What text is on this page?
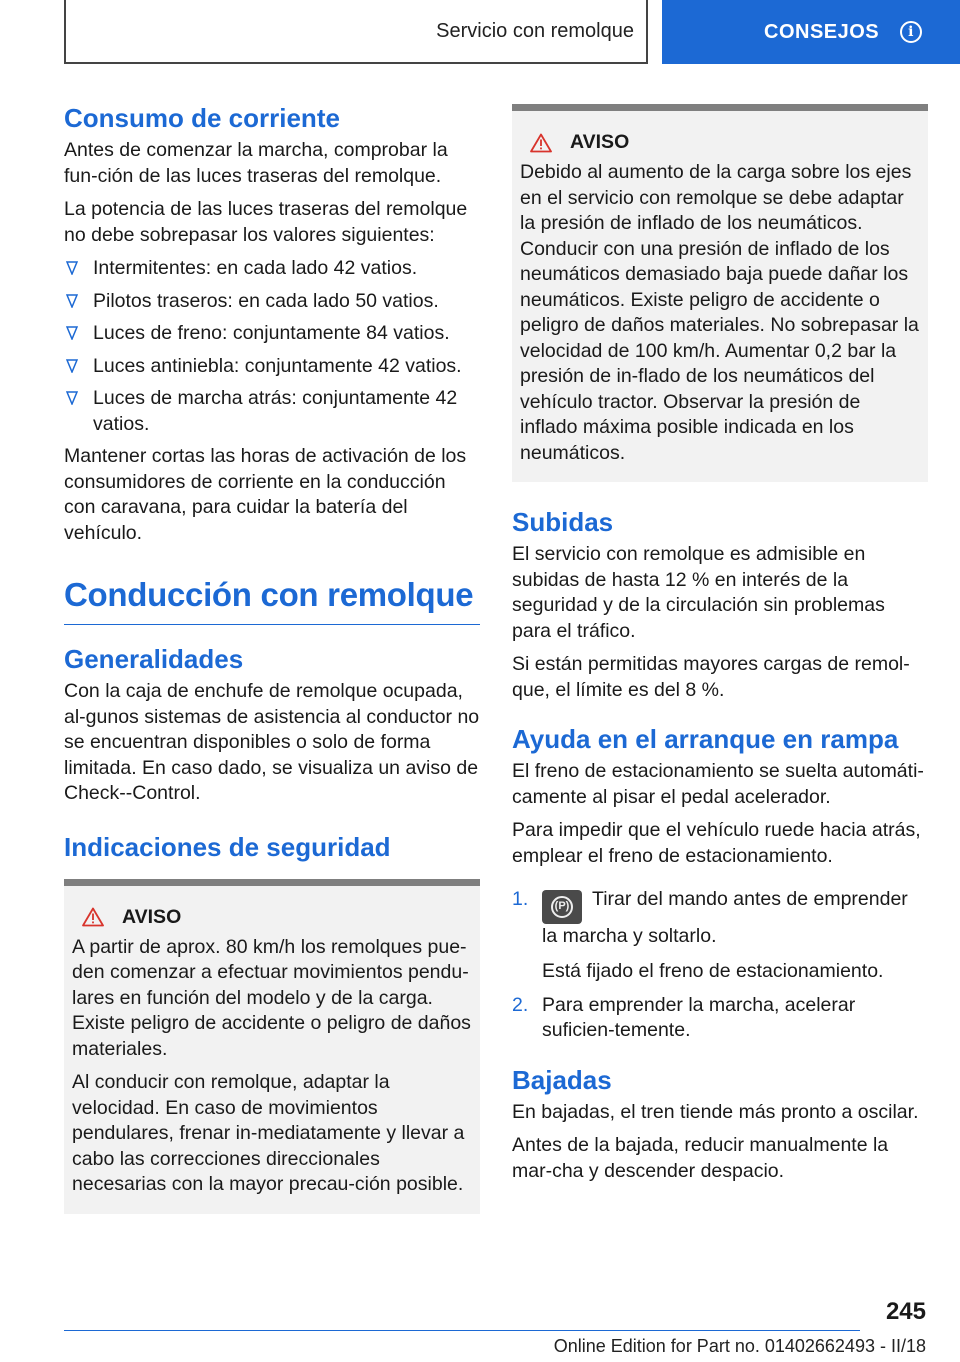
Servicio con remolque	CONSEJOS	i
Consumo de corriente

Antes de comenzar la marcha, comprobar la fun-ción de las luces traseras del remolque.

La potencia de las luces traseras del remolque no debe sobrepasar los valores siguientes:

Intermitentes: en cada lado 42 vatios.
Pilotos traseros: en cada lado 50 vatios.
Luces de freno: conjuntamente 84 vatios.
Luces antiniebla: conjuntamente 42 vatios.
Luces de marcha atrás: conjuntamente 42 vatios.

Mantener cortas las horas de activación de los consumidores de corriente en la conducción con caravana, para cuidar la batería del vehículo.

Conducción con remolque
Generalidades

Con la caja de enchufe de remolque ocupada, al-gunos sistemas de asistencia al conductor no se encuentran disponibles o solo de forma limitada. En caso dado, se visualiza un aviso de Check--Control.

Indicaciones de seguridad
AVISO

A partir de aprox. 80 km/h los remolques pue-den comenzar a efectuar movimientos pendu-lares en función del modelo y de la carga. Existe peligro de accidente o peligro de daños materiales.

Al conducir con remolque, adaptar la velocidad. En caso de movimientos pendulares, frenar in-mediatamente y llevar a cabo las correcciones direccionales necesarias con la mayor precau-ción posible.

AVISO

Debido al aumento de la carga sobre los ejes en el servicio con remolque se debe adaptar la presión de inflado de los neumáticos. Conducir con una presión de inflado de los neumáticos demasiado baja puede dañar los neumáticos. Existe peligro de accidente o peligro de daños materiales. No sobrepasar la velocidad de 100 km/h. Aumentar 0,2 bar la presión de in-flado de los neumáticos del vehículo tractor. Observar la presión de inflado máxima posible indicada en los neumáticos.

Subidas

El servicio con remolque es admisible en subidas de hasta 12 % en interés de la seguridad y de la circulación sin problemas para el tráfico.

Si están permitidas mayores cargas de remol-que, el límite es del 8 %.

Ayuda en el arranque en rampa

El freno de estacionamiento se suelta automáti-camente al pisar el pedal acelerador.

Para impedir que el vehículo ruede hacia atrás, emplear el freno de estacionamiento.

1.	(P) Tirar del mando antes de emprender la marcha y soltarlo.
Está fijado el freno de estacionamiento.
2. Para emprender la marcha, acelerar suficien-temente.
Bajadas

En bajadas, el tren tiende más pronto a oscilar.

Antes de la bajada, reducir manualmente la mar-cha y descender despacio.

245
Online Edition for Part no. 01402662493 - II/18
